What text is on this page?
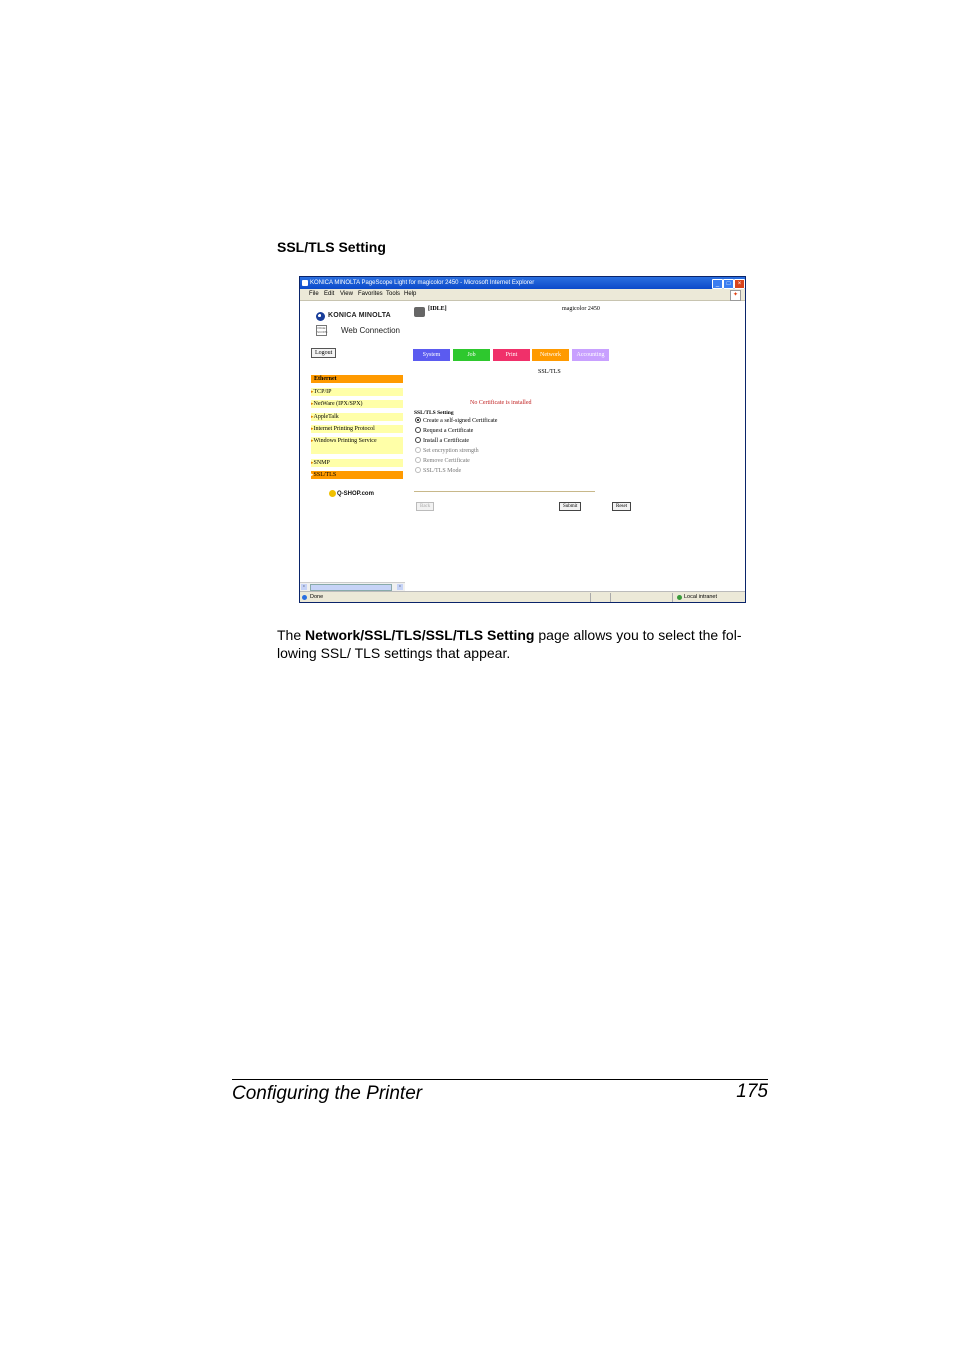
SSL/TLS Setting
KONICA MINOLTA PageScope Light for magicolor 2450 - Microsoft Internet Explorer	_	□	×
File Edit View Favorites Tools Help	✦
KONICA MINOLTA
PAGE SCOPE Web Connection
Logout
[IDLE]	magicolor 2450
System	Job	Print	Network	Accounting
Ethernet
▸TCP/IP
▸NetWare (IPX/SPX)
▸AppleTalk
▸Internet Printing Protocol
▸Windows Printing Service
▸SNMP
▸SSL/TLS
Q-SHOP.com
SSL/TLS
No Certificate is installed
SSL/TLS Setting
Create a self-signed Certificate
Request a Certificate
Install a Certificate
Set encryption strength
Remove Certificate
SSL/TLS Mode
Back	Submit	Reset
‹	›
Done	Local intranet
The Network/SSL/TLS/SSL/TLS Setting page allows you to select the fol-lowing SSL/ TLS settings that appear.
Configuring the Printer	175
